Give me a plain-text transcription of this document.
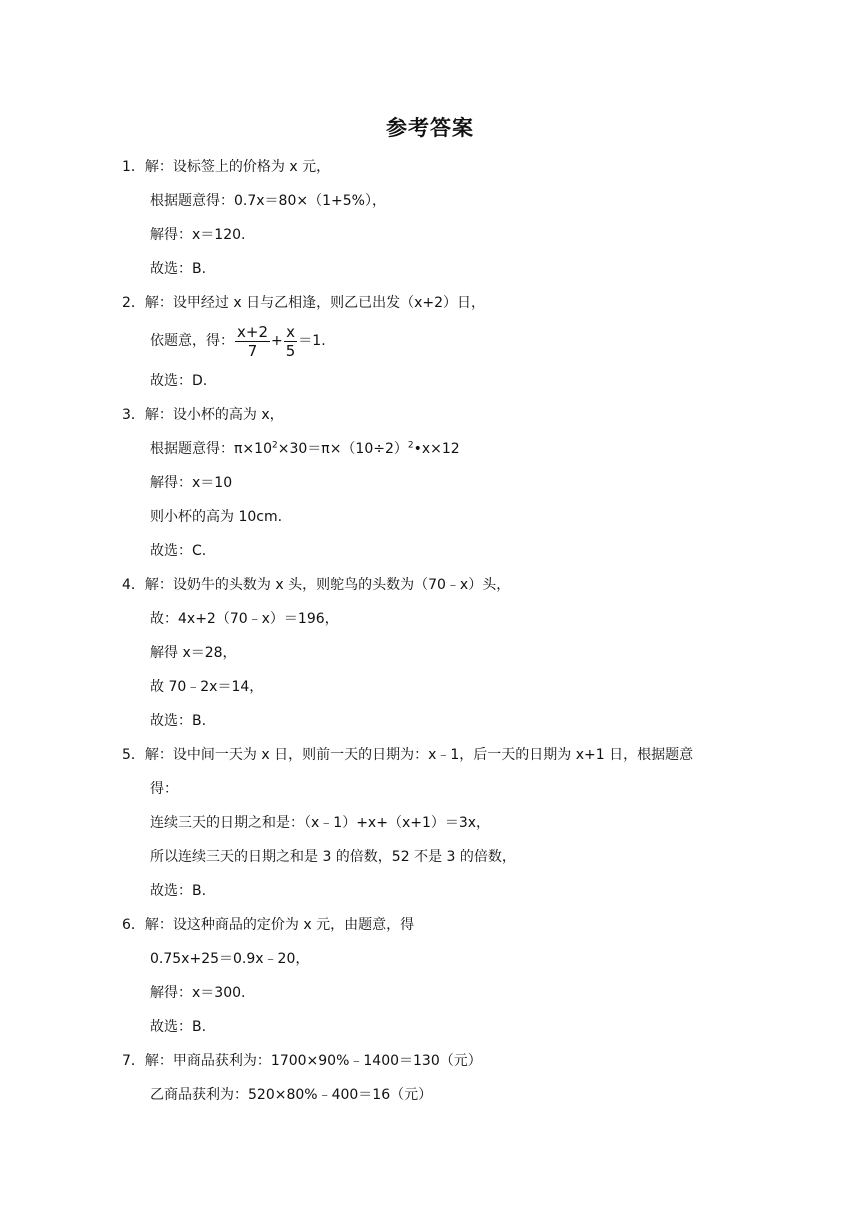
参考答案
1．解：设标签上的价格为 x 元，
根据题意得：0.7x＝80×（1+5%），
解得：x＝120.
故选：B.
2．解：设甲经过 x 日与乙相逢，则乙已出发（x+2）日，
依题意，得： $\frac{x+2}{7} + \frac{x}{5} =1$.
故选：D.
3．解：设小杯的高为 x，
根据题意得：$\pi\times 10^2\times 30=\pi\times(10\div 2)^2•x\times 12$
解得：x＝10
则小杯的高为 10cm.
故选：C.
4．解：设奶牛的头数为 x 头，则鸵鸟的头数为（70﹣x）头，
故：4x+2（70﹣x）＝196，
解得 x＝28，
故 70﹣2x＝14，
故选：B.
5．解：设中间一天为 x 日，则前一天的日期为：x﹣1，后一天的日期为 x+1 日，根据题意
得：
连续三天的日期之和是：（x﹣1）+x+（x+1）＝3x，
所以连续三天的日期之和是 3 的倍数，52 不是 3 的倍数，
故选：B.
6．解：设这种商品的定价为 x 元，由题意，得
0.75x+25＝0.9x﹣20，
解得：x＝300.
故选：B.
7．解：甲商品获利为：1700×90%﹣1400＝130（元）
乙商品获利为：520×80%﹣400＝16（元）
